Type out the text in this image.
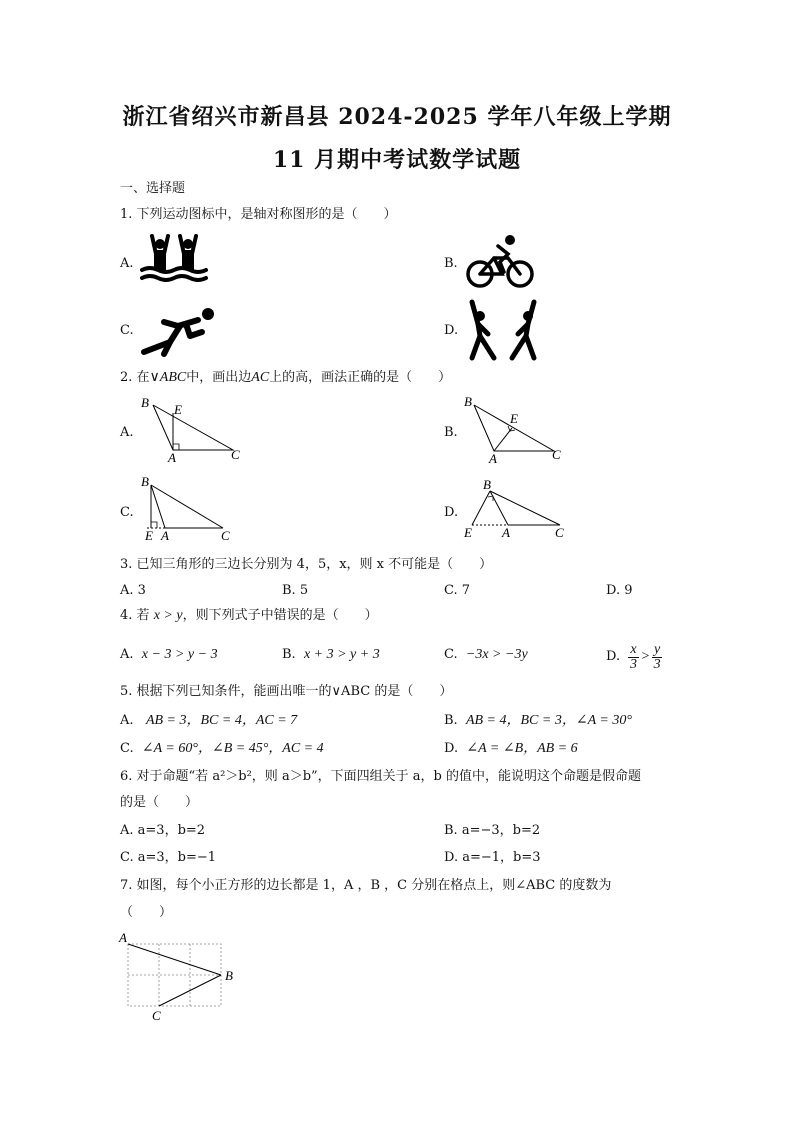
浙江省绍兴市新昌县 2024-2025 学年八年级上学期
11 月期中考试数学试题
一、选择题
1. 下列运动图标中，是轴对称图形的是（　　）
A.	B.
C.	D.
2. 在∨ABC中，画出边AC上的高，画法正确的是（　　）
A.	B.
C.	D.
B E
A	C
B
E
A	C
B
E A	C
B
E A	C
3. 已知三角形的三边长分别为 4，5，x，则 x 不可能是（　　）
A. 3	B. 5	C. 7	D. 9
4. 若 x > y，则下列式子中错误的是（　　）
A. x − 3 > y − 3	B. x + 3 > y + 3	C. −3x > −3y	D.
$\frac{x}{3} > \frac{y}{3}$
5. 根据下列已知条件，能画出唯一的∨ABC 的是（　　）
A. AB = 3，BC = 4，AC = 7	B. AB = 4，BC = 3，∠A = 30°
C. ∠A = 60°，∠B = 45°，AC = 4	D. ∠A = ∠B，AB = 6
6. 对于命题“若 a²＞b²，则 a＞b”，下面四组关于 a，b 的值中，能说明这个命题是假命题
的是（　　）
A. a=3，b=2	B. a=−3，b=2
C. a=3，b=−1	D. a=−1，b=3
7. 如图，每个小正方形的边长都是 1，A ，B ，C 分别在格点上，则∠ABC 的度数为
（　　）
A
B
C
